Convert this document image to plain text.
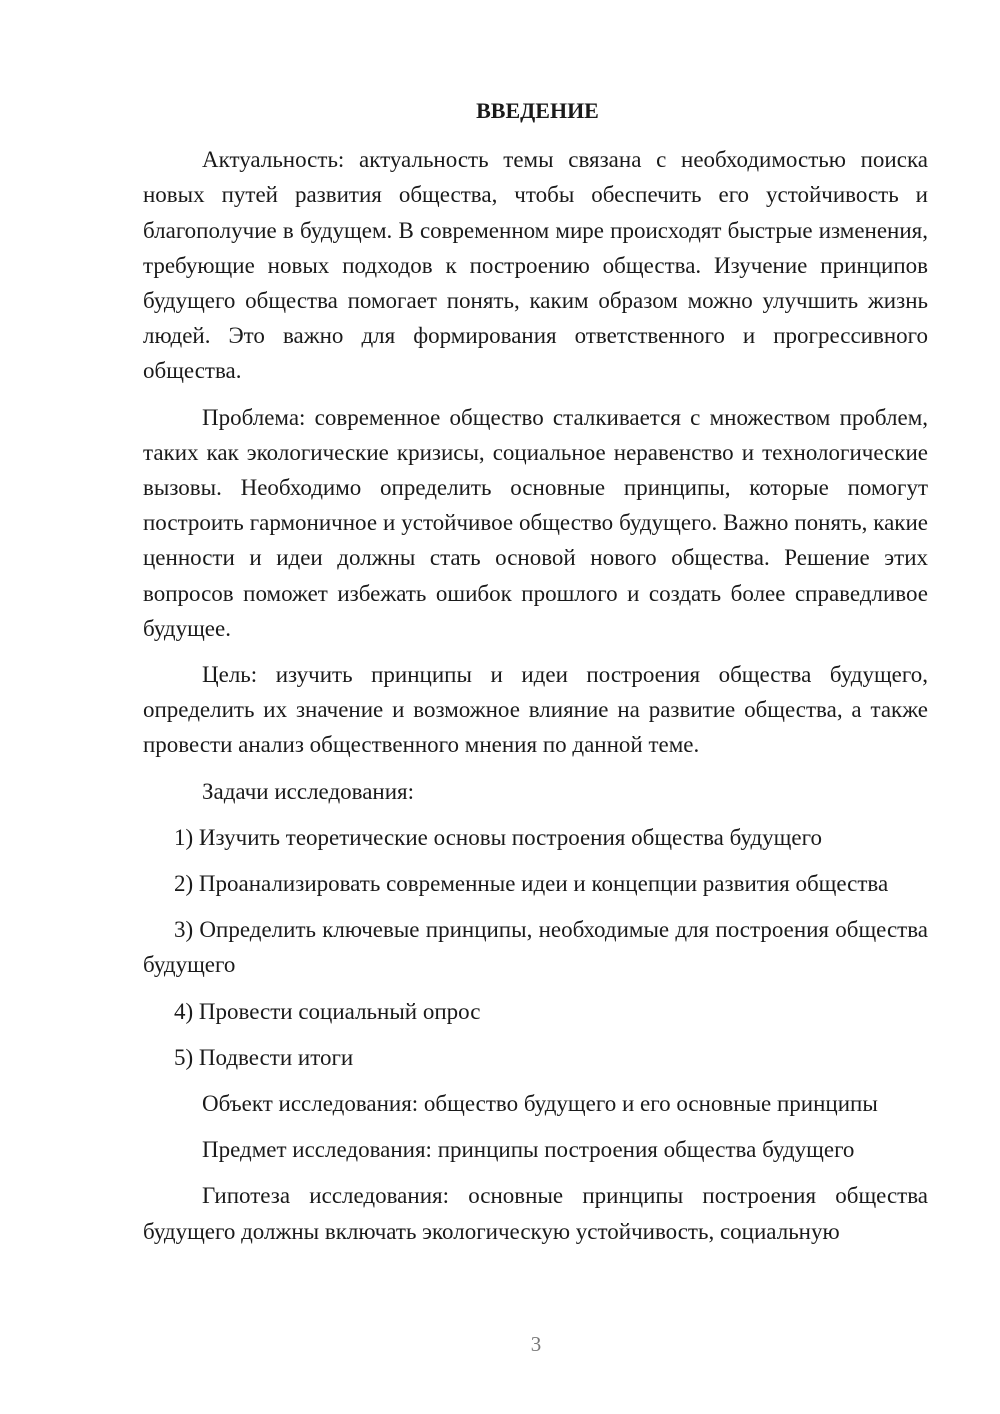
ВВЕДЕНИЕ

Актуальность: актуальность темы связана с необходимостью поиска новых путей развития общества, чтобы обеспечить его устойчивость и благополучие в будущем. В современном мире происходят быстрые изменения, требующие новых подходов к построению общества. Изучение принципов будущего общества помогает понять, каким образом можно улучшить жизнь людей. Это важно для формирования ответственного и прогрессивного общества.

Проблема: современное общество сталкивается с множеством проблем, таких как экологические кризисы, социальное неравенство и технологические вызовы. Необходимо определить основные принципы, которые помогут построить гармоничное и устойчивое общество будущего. Важно понять, какие ценности и идеи должны стать основой нового общества. Решение этих вопросов поможет избежать ошибок прошлого и создать более справедливое будущее.

Цель: изучить принципы и идеи построения общества будущего, определить их значение и возможное влияние на развитие общества, а также провести анализ общественного мнения по данной теме.

Задачи исследования:

1) Изучить теоретические основы построения общества будущего

2) Проанализировать современные идеи и концепции развития общества

3) Определить ключевые принципы, необходимые для построения общества будущего

4) Провести социальный опрос

5) Подвести итоги

Объект исследования: общество будущего и его основные принципы

Предмет исследования: принципы построения общества будущего

Гипотеза исследования: основные принципы построения общества будущего должны включать экологическую устойчивость, социальную

3
